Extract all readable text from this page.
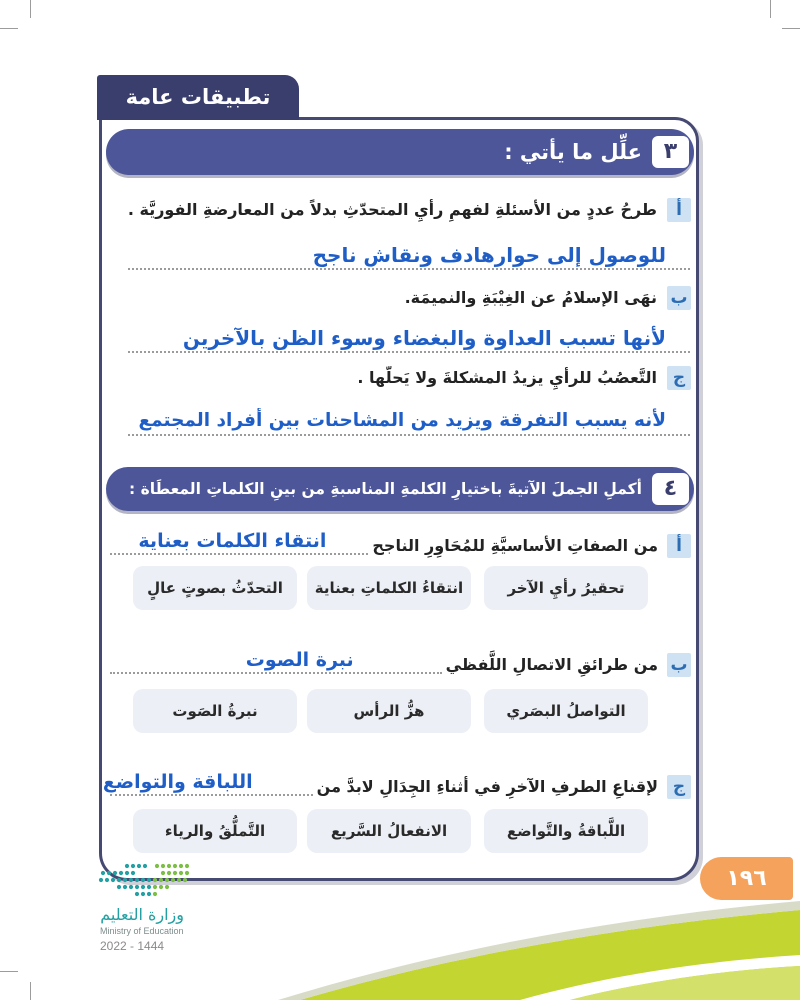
تطبيقات عامة
٣
علِّل ما يأتي :
أ
طرحُ عددٍ من الأسئلةِ لفهمِ رأيِ المتحدّثِ بدلاً من المعارضةِ الفوريَّة .
للوصول إلى حوارهادف ونقاش ناجح
ب
نهَى الإسلامُ عن الغِيْبَةِ والنميمَة.
لأنها تسبب العداوة والبغضاء وسوء الظن بالآخرين
ج
التَّعصُبُ للرأيِ يزيدُ المشكلةَ ولا يَحلُّها .
لأنه يسبب التفرقة ويزيد من المشاحنات بين أفراد المجتمع
٤
أكملِ الجملَ الآتيةَ باختيارِ الكلمةِ المناسبةِ من بينِ الكلماتِ المعطَاة :
أ
من الصفاتِ الأساسيَّةِ للمُحَاوِرِ الناجح
انتقاء الكلمات بعناية
تحقيرُ رأيِ الآخر
انتقاءُ الكلماتِ بعناية
التحدّثُ بصوتٍ عالٍ
ب
من طرائقِ الاتصالِ اللَّفظي
نبرة الصوت
التواصلُ البصَري
هزُّ الرأس
نبرةُ الصَوت
ج
لإقناعِ الطرفِ الآخرِ في أثناءِ الجِدَالِ لابدَّ من
اللباقة والتواضع
اللَّباقةُ والتَّواضع
الانفعالُ السَّريع
التَّملُّقُ والرياء
١٩٦
وزارة التعليم
Ministry of Education
2022 - 1444
